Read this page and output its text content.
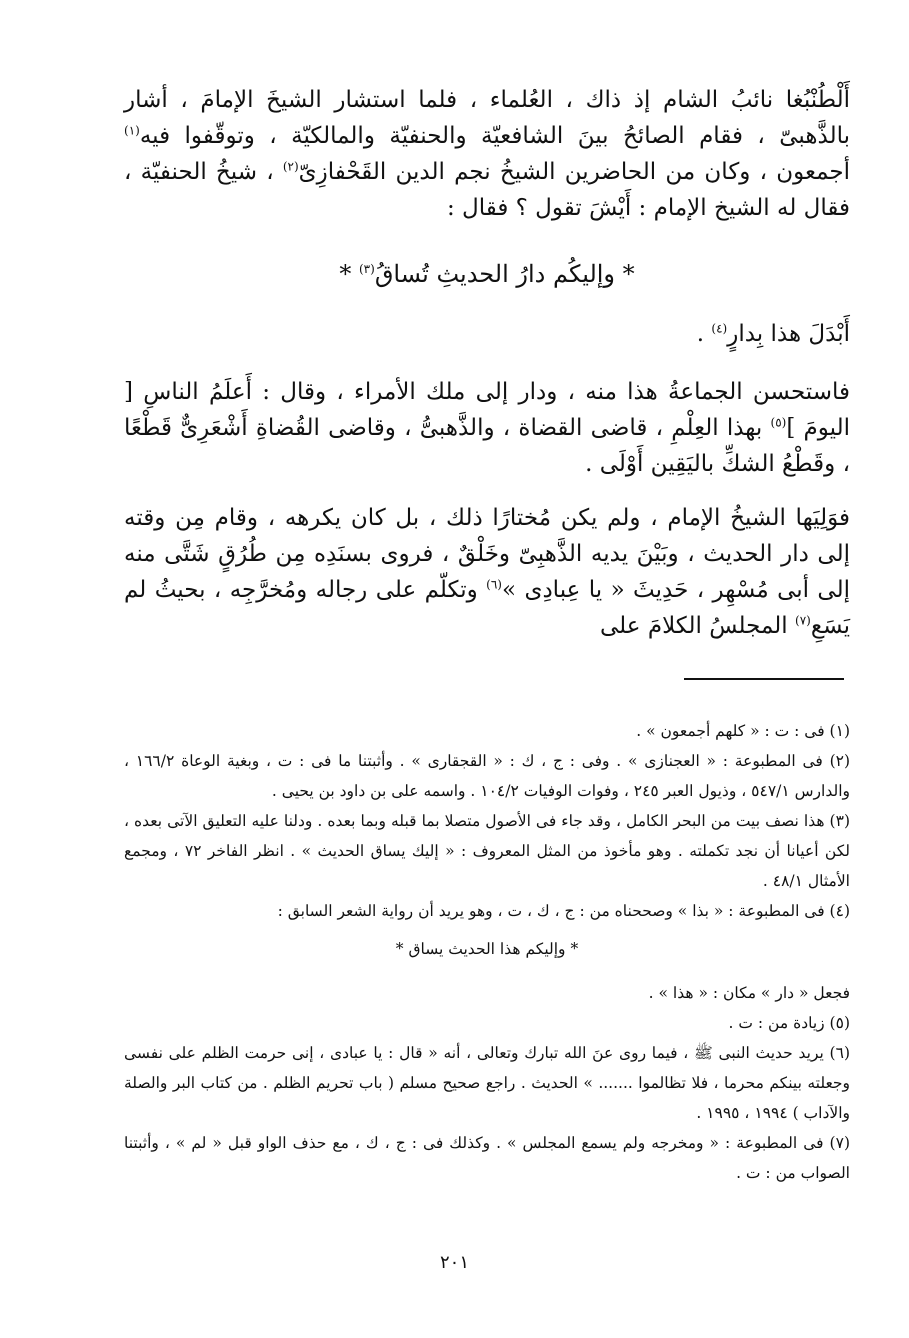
أَلْطُنْبُغا نائبُ الشام إذ ذاك ، العُلماء ، فلما استشار الشيخَ الإمامَ ، أشار بالذَّهبىّ ، فقام الصائحُ بينَ الشافعيّة والحنفيّة والمالكيّة ، وتوقّفوا فيه$^{(١)}$ أجمعون ، وكان من الحاضرين الشيخُ نجم الدين القَحْفازِىّ$^{(٢)}$ ، شيخُ الحنفيّة ، فقال له الشيخ الإمام : أَيْشَ تقول ؟ فقال :

* وإليكُم دارُ الحديثِ تُساقُ$^{(٣)}$ *

أَبْدَلَ هذا بِدارٍ$^{(٤)}$ .

فاستحسن الجماعةُ هذا منه ، ودار إلى ملك الأمراء ، وقال : أَعلَمُ الناسِ [ اليومَ ]$^{(٥)}$ بهذا العِلْمِ ، قاضى القضاة ، والذَّهبىُّ ، وقاضى القُضاةِ أَشْعَرِىٌّ قَطْعًا ، وقَطْعُ الشكِّ باليَقِين أَوْلَى .

فوَلِيَها الشيخُ الإمام ، ولم يكن مُختارًا ذلك ، بل كان يكرهه ، وقام مِن وقته إلى دار الحديث ، وبَيْنَ يديه الذَّهبِىّ وخَلْقٌ ، فروى بسنَدِه مِن طُرُقٍ شَتَّى منه إلى أبى مُسْهِر ، حَدِيثَ « يا عِبادِى »$^{(٦)}$ وتكلّم على رجاله ومُخرَّجِه ، بحيثُ لم يَسَعِ$^{(٧)}$ المجلسُ الكلامَ على

(١) فى : ت : « كلهم أجمعون » .

(٢) فى المطبوعة : « العجنازى » . وفى : ج ، ك : « القجقارى » . وأثبتنا ما فى : ت ، وبغية الوعاة ١٦٦/٢ ، والدارس ٥٤٧/١ ، وذيول العبر ٢٤٥ ، وفوات الوفيات ١٠٤/٢ . واسمه على بن داود بن يحيى .

(٣) هذا نصف بيت من البحر الكامل ، وقد جاء فى الأصول متصلا بما قبله وبما بعده . ودلنا عليه التعليق الآتى بعده ، لكن أعيانا أن نجد تكملته . وهو مأخوذ من المثل المعروف : « إليك يساق الحديث » . انظر الفاخر ٧٢ ، ومجمع الأمثال ٤٨/١ .

(٤) فى المطبوعة : « بذا » وصححناه من : ج ، ك ، ت ، وهو يريد أن رواية الشعر السابق :

* وإليكم هذا الحديث يساق *

فجعل « دار » مكان : « هذا » .

(٥) زيادة من : ت .

(٦) يريد حديث النبى ﷺ ، فيما روى عنَ الله تبارك وتعالى ، أنه « قال : يا عبادى ، إنى حرمت الظلم على نفسى وجعلته بينكم محرما ، فلا تظالموا ....... » الحديث . راجع صحيح مسلم ( باب تحريم الظلم . من كتاب البر والصلة والآداب ) ١٩٩٤ ، ١٩٩٥ .

(٧) فى المطبوعة : « ومخرجه ولم يسمع المجلس » . وكذلك فى : ج ، ك ، مع حذف الواو قبل « لم » ، وأثبتنا الصواب من : ت .

٢٠١
